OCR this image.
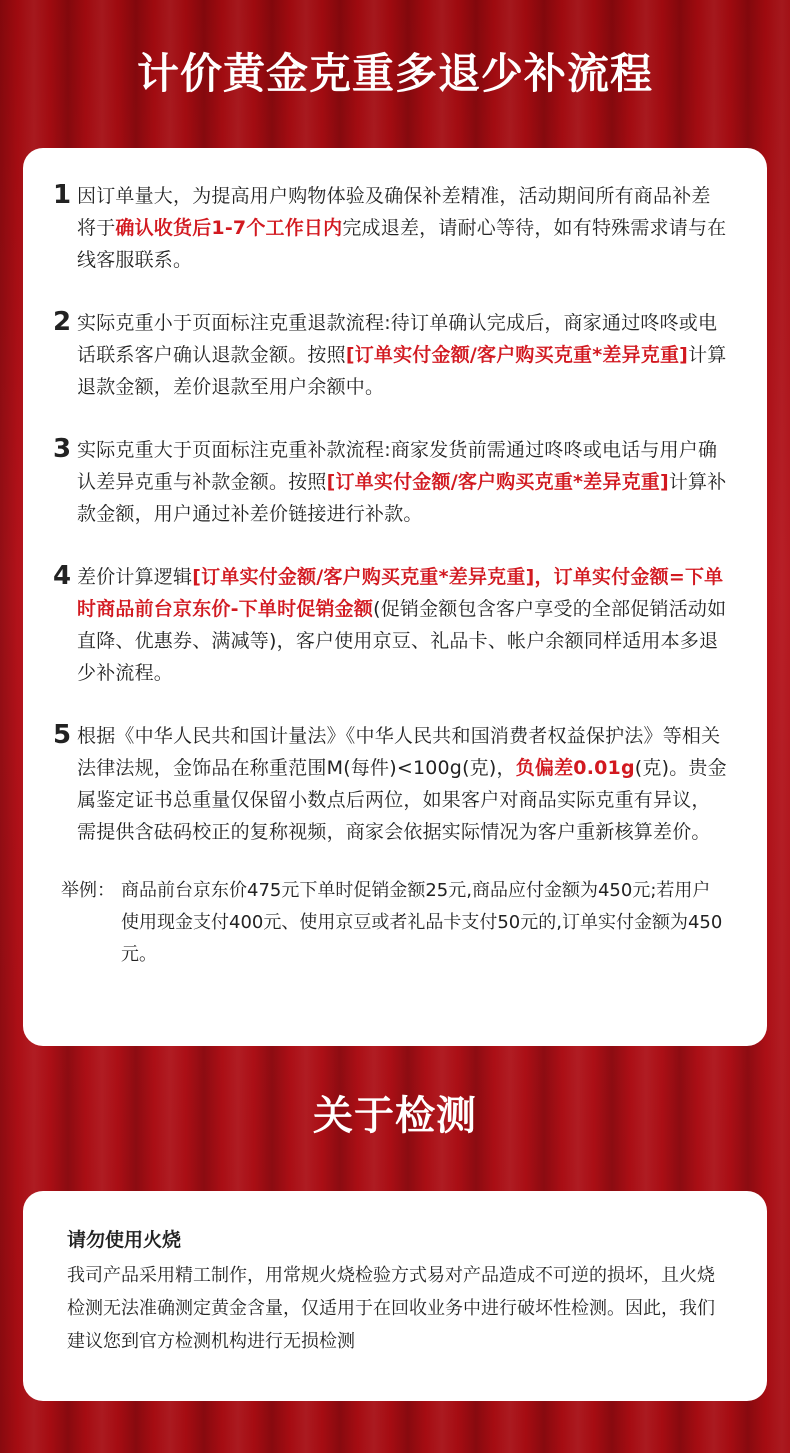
计价黄金克重多退少补流程
1 因订单量大，为提高用户购物体验及确保补差精准，活动期间所有商品补差将于确认收货后1-7个工作日内完成退差，请耐心等待，如有特殊需求请与在线客服联系。
2 实际克重小于页面标注克重退款流程:待订单确认完成后，商家通过咚咚或电话联系客户确认退款金额。按照[订单实付金额/客户购买克重*差异克重]计算退款金额，差价退款至用户余额中。
3 实际克重大于页面标注克重补款流程:商家发货前需通过咚咚或电话与用户确认差异克重与补款金额。按照[订单实付金额/客户购买克重*差异克重]计算补款金额，用户通过补差价链接进行补款。
4 差价计算逻辑[订单实付金额/客户购买克重*差异克重]，订单实付金额=下单时商品前台京东价-下单时促销金额(促销金额包含客户享受的全部促销活动如直降、优惠券、满减等)，客户使用京豆、礼品卡、帐户余额同样适用本多退少补流程。
5 根据《中华人民共和国计量法》《中华人民共和国消费者权益保护法》等相关法律法规，金饰品在称重范围M(每件)<100g(克)，负偏差0.01g(克)。贵金属鉴定证书总重量仅保留小数点后两位，如果客户对商品实际克重有异议，需提供含砝码校正的复称视频，商家会依据实际情况为客户重新核算差价。
举例： 商品前台京东价475元下单时促销金额25元,商品应付金额为450元;若用户使用现金支付400元、使用京豆或者礼品卡支付50元的,订单实付金额为450元。
关于检测
请勿使用火烧
我司产品采用精工制作，用常规火烧检验方式易对产品造成不可逆的损坏，且火烧检测无法准确测定黄金含量，仅适用于在回收业务中进行破坏性检测。因此，我们建议您到官方检测机构进行无损检测
